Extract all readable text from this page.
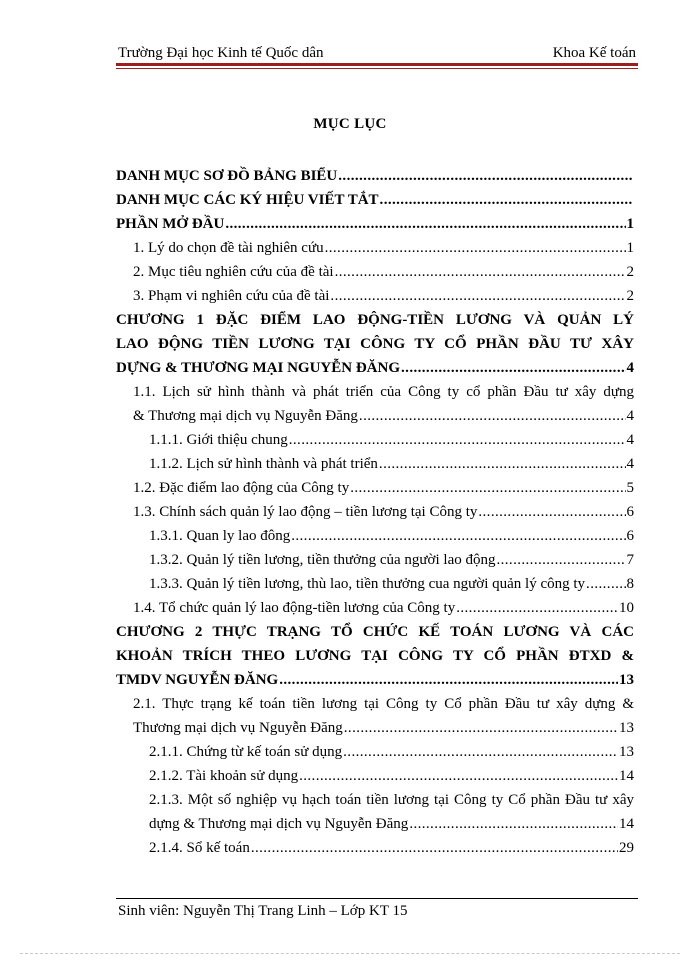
Trường Đại học Kinh tế Quốc dân	Khoa Kế toán
MỤC LỤC
DANH MỤC SƠ ĐỒ BẢNG BIỂU
.....
DANH MỤC CÁC KÝ HIỆU VIẾT TẮT
.....
PHẦN MỞ ĐẦU .....	1
1. Lý do chọn đề tài nghiên cứu .....	1
2. Mục tiêu nghiên cứu của đề tài .....	2
3. Phạm vi nghiên cứu của đề tài .....	2
CHƯƠNG 1 ĐẶC ĐIỂM LAO ĐỘNG-TIỀN LƯƠNG VÀ QUẢN LÝ
LAO ĐỘNG TIỀN LƯƠNG TẠI CÔNG TY CỔ PHẦN ĐẦU TƯ XÂY
DỰNG & THƯƠNG MẠI NGUYỄN ĐĂNG .....	4
1.1. Lịch sử hình thành và phát triển của Công ty cổ phần Đầu tư xây dựng
& Thương mại dịch vụ Nguyễn Đăng .....	4
1.1.1. Giới thiệu chung .....	4
1.1.2. Lịch sử hình thành và phát triển .....	4
1.2. Đặc điểm lao động của Công ty .....	5
1.3. Chính sách quản lý lao động – tiền lương tại Công ty .....	6
1.3.1. Quan ly lao đông .....	6
1.3.2. Quản lý tiền lương, tiền thưởng của người lao động .....	7
1.3.3. Quản lý tiền lương, thù lao, tiền thưởng cua người quản lý công ty .....	8
1.4. Tổ chức quản lý lao động-tiền lương của Công ty .....	10
CHƯƠNG 2 THỰC TRẠNG TỔ CHỨC KẾ TOÁN LƯƠNG VÀ CÁC
KHOẢN TRÍCH THEO LƯƠNG TẠI CÔNG TY CỔ PHẦN ĐTXD &
TMDV NGUYỄN ĐĂNG .....	13
2.1. Thực trạng kế toán tiền lương tại Công ty Cổ phần Đầu tư xây dựng &
Thương mại dịch vụ Nguyễn Đăng .....	13
2.1.1. Chứng từ kế toán sử dụng .....	13
2.1.2. Tài khoản sử dụng .....	14
2.1.3. Một số nghiệp vụ hạch toán tiền lương tại Công ty Cổ phần Đầu tư xây
dựng & Thương mại dịch vụ Nguyễn Đăng .....	14
2.1.4. Sổ kế toán .....	29
Sinh viên: Nguyễn Thị Trang Linh – Lớp KT 15
